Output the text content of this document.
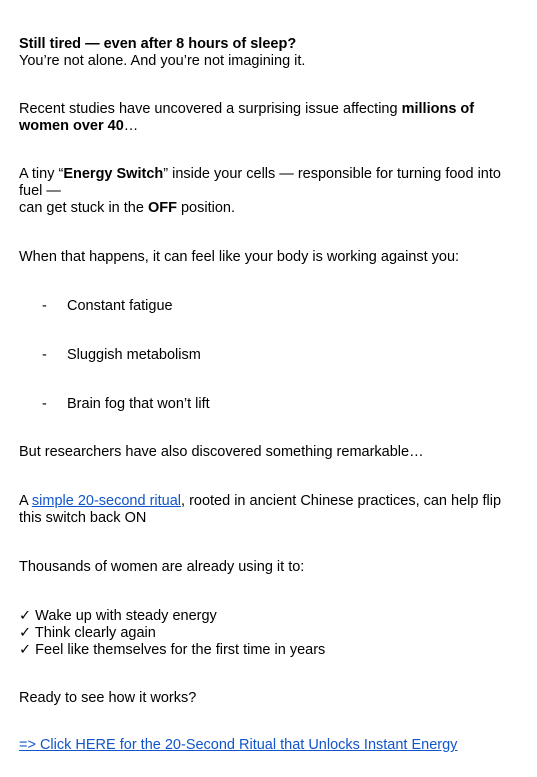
Still tired — even after 8 hours of sleep?
You’re not alone. And you’re not imagining it.
Recent studies have uncovered a surprising issue affecting millions of women over 40…
A tiny “Energy Switch” inside your cells — responsible for turning food into fuel —
can get stuck in the OFF position.
When that happens, it can feel like your body is working against you:
- Constant fatigue
- Sluggish metabolism
- Brain fog that won’t lift
But researchers have also discovered something remarkable…
A simple 20-second ritual, rooted in ancient Chinese practices, can help flip this switch back ON
Thousands of women are already using it to:
✓ Wake up with steady energy
✓ Think clearly again
✓ Feel like themselves for the first time in years
Ready to see how it works?
=> Click HERE for the 20-Second Ritual that Unlocks Instant Energy
